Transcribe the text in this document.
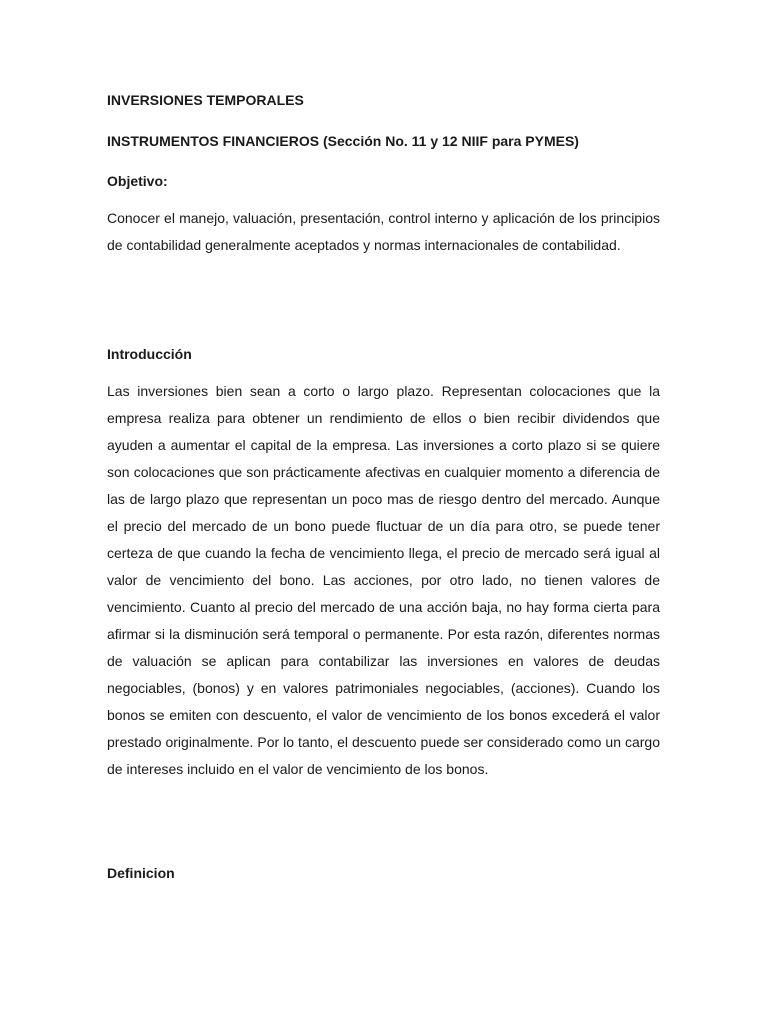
INVERSIONES TEMPORALES
INSTRUMENTOS FINANCIEROS (Sección No. 11 y 12 NIIF para PYMES)
Objetivo:

Conocer el manejo, valuación, presentación, control interno y aplicación de los principios de contabilidad generalmente aceptados y normas internacionales de contabilidad.

Introducción

Las inversiones bien sean a corto o largo plazo. Representan colocaciones que la empresa realiza para obtener un rendimiento de ellos o bien recibir dividendos que ayuden a aumentar el capital de la empresa. Las inversiones a corto plazo si se quiere son colocaciones que son prácticamente afectivas en cualquier momento a diferencia de las de largo plazo que representan un poco mas de riesgo dentro del mercado. Aunque el precio del mercado de un bono puede fluctuar de un día para otro, se puede tener certeza de que cuando la fecha de vencimiento llega, el precio de mercado será igual al valor de vencimiento del bono. Las acciones, por otro lado, no tienen valores de vencimiento. Cuanto al precio del mercado de una acción baja, no hay forma cierta para afirmar si la disminución será temporal o permanente. Por esta razón, diferentes normas de valuación se aplican para contabilizar las inversiones en valores de deudas negociables, (bonos) y en valores patrimoniales negociables, (acciones). Cuando los bonos se emiten con descuento, el valor de vencimiento de los bonos excederá el valor prestado originalmente. Por lo tanto, el descuento puede ser considerado como un cargo de intereses incluido en el valor de vencimiento de los bonos.

Definicion
